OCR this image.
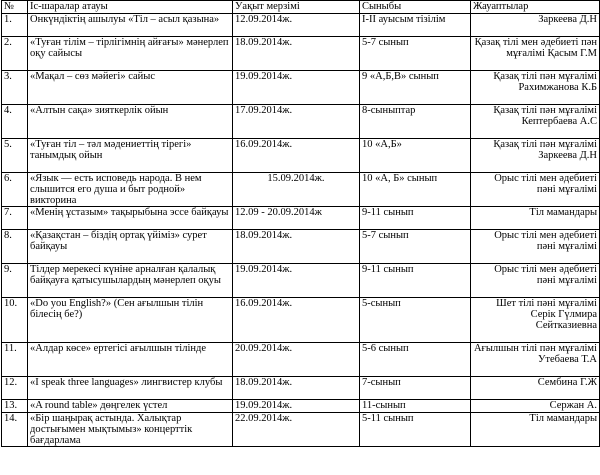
№	Іс-шаралар атауы	Уақыт мерзімі	Сыныбы	Жауаптылар
1.	Онкүндіктің ашылуы «Тіл – асыл қазына»	12.09.2014ж.	І-ІІ ауысым тізілім	Заркеева Д.Н
2.	«Туған тілім – тірлігімнің айғағы» мәнерлеп оқу сайысы	18.09.2014ж.	5-7 сынып	Қазақ тілі мен әдебиеті пән мұғалімі Қасым Г.М
3.	«Мақал – сөз мәйегі» сайыс	19.09.2014ж.	9 «А,Б,В» сынып	Қазақ тілі пән мұғалімі Рахимжанова К.Б
4.	«Алтын сақа» зияткерлік ойын	17.09.2014ж.	8-сыныптар	Қазақ тілі пән мұғалімі Кептербаева А.С
5.	«Туған тіл – тәл мәдениеттің тірегі» танымдық ойын	16.09.2014ж.	10 «А,Б»	Қазақ тілі пән мұғалімі Заркеева Д.Н
6.	«Язык — есть исповедь народа. В нем слышится его душа и быт родной» викторина	15.09.2014ж.	10 «А, Б» сынып	Орыс тілі мен әдебиеті пәні мұғалімі
7.	«Менің ұстазым» тақырыбына эссе байқауы	12.09 - 20.09.2014ж	9-11 сынып	Тіл мамандары
8.	«Қазақстан – біздің ортақ үйіміз» сурет байқауы	18.09.2014ж.	5-7 сынып	Орыс тілі мен әдебиеті пәні мұғалімі
9.	Тілдер мерекесі күніне арналған қалалық байқауға қатысушылардың мәнерлеп оқуы	19.09.2014ж.	9-11 сынып	Орыс тілі мен әдебиеті пәні мұғалімі
10.	«Do you English?» (Сен ағылшын тілін білесің бе?)	16.09.2014ж.	5-сынып	Шет тілі пәні мұғалімі Серік Гүлмира Сейтказиевна
11.	«Алдар көсе» ертегісі ағылшын тілінде	20.09.2014ж.	5-6 сынып	Ағылшын тілі пән мұғалімі Утебаева Т.А
12.	«I speak three languages» лингвистер клубы	18.09.2014ж.	7-сынып	Сембина Г.Ж
13.	«A round table» дөңгелек үстел	19.09.2014ж.	11-сынып	Сержан А.
14.	«Бір шаңырақ астында. Халықтар достығымен мықтымыз» концерттік бағдарлама	22.09.2014ж.	5-11 сынып	Тіл мамандары
